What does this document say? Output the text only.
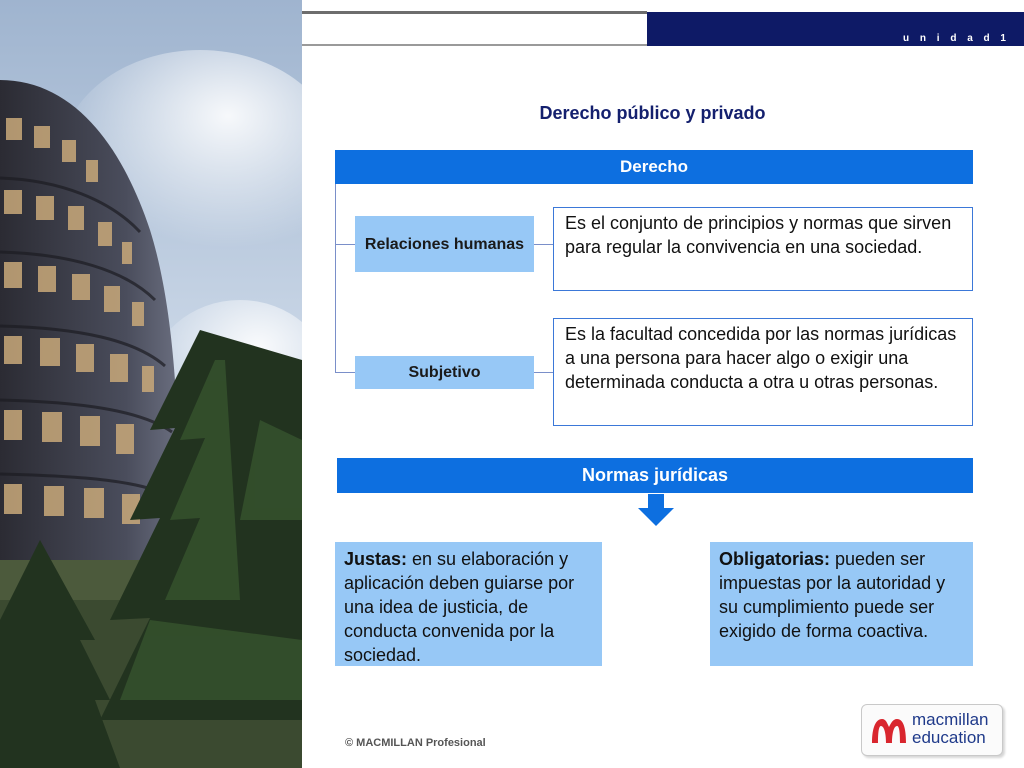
u n i d a d 1
Derecho público y privado
Derecho
Relaciones humanas
Subjetivo
Es el conjunto de principios y normas que sirven para regular la convivencia en una sociedad.
Es la facultad concedida por las normas jurídicas a una persona para hacer algo o exigir una determinada conducta a otra u otras personas.
Normas jurídicas
Justas: en su elaboración y aplicación deben guiarse por una idea de justicia, de conducta convenida por la sociedad.
Obligatorias: pueden ser impuestas por la autoridad y su cumplimiento puede ser exigido de forma coactiva.
© MACMILLAN Profesional
macmillan
education
